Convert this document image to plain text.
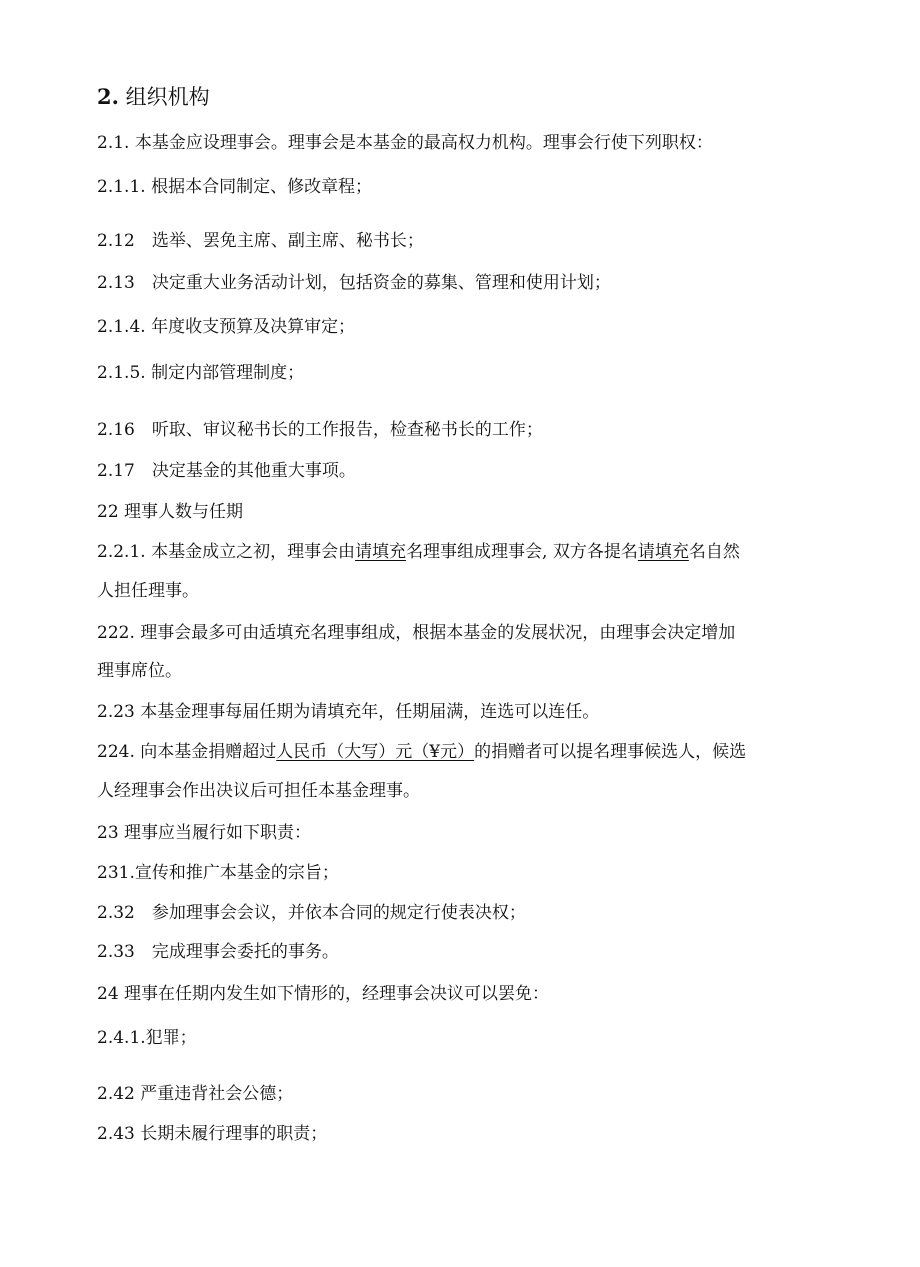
2. 组织机构
2.1. 本基金应设理事会。理事会是本基金的最高权力机构。理事会行使下列职权：
2.1.1. 根据本合同制定、修改章程；
2.12　选举、罢免主席、副主席、秘书长；
2.13　决定重大业务活动计划，包括资金的募集、管理和使用计划；
2.1.4. 年度收支预算及决算审定；
2.1.5. 制定内部管理制度；
2.16　听取、审议秘书长的工作报告，检查秘书长的工作；
2.17　决定基金的其他重大事项。
22 理事人数与任期
2.2.1. 本基金成立之初，理事会由请填充名理事组成理事会, 双方各提名请填充名自然
人担任理事。
222. 理事会最多可由适填充名理事组成，根据本基金的发展状况，由理事会决定增加
理事席位。
2.23 本基金理事每届任期为请填充年，任期届满，连选可以连任。
224. 向本基金捐赠超过人民币（大写）元（¥元）的捐赠者可以提名理事候选人，候选
人经理事会作出决议后可担任本基金理事。
23 理事应当履行如下职责：
231.宣传和推广本基金的宗旨；
2.32　参加理事会会议，并依本合同的规定行使表决权；
2.33　完成理事会委托的事务。
24 理事在任期内发生如下情形的，经理事会决议可以罢免：
2.4.1.犯罪；
2.42 严重违背社会公德；
2.43 长期未履行理事的职责；
